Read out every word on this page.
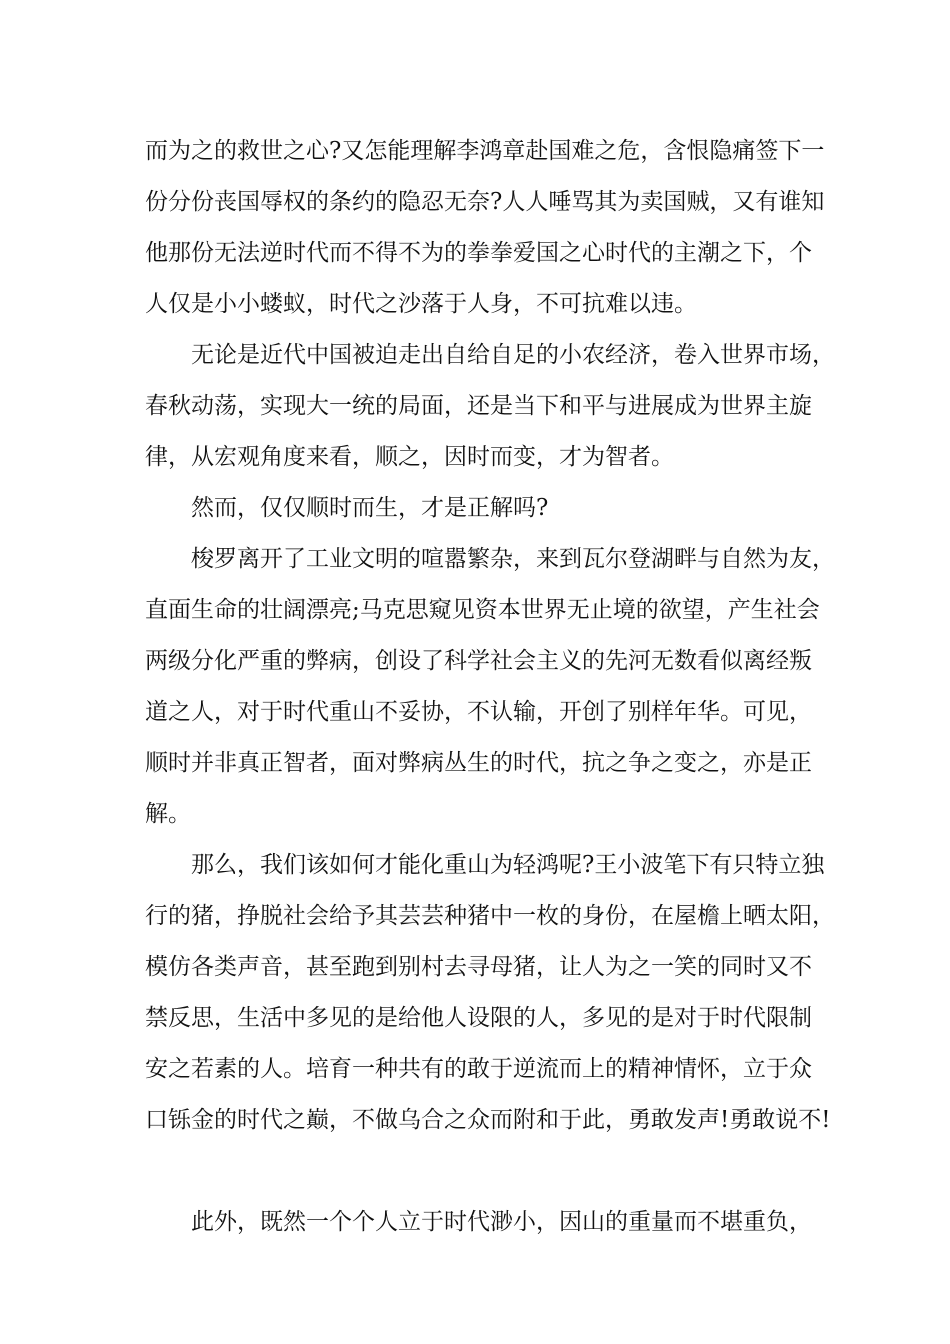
而为之的救世之心?又怎能理解李鸿章赴国难之危，含恨隐痛签下一
份分份丧国辱权的条约的隐忍无奈?人人唾骂其为卖国贼，又有谁知
他那份无法逆时代而不得不为的拳拳爱国之心时代的主潮之下，个
人仅是小小蝼蚁，时代之沙落于人身，不可抗难以违。
无论是近代中国被迫走出自给自足的小农经济，卷入世界市场，
春秋动荡，实现大一统的局面，还是当下和平与进展成为世界主旋
律，从宏观角度来看，顺之，因时而变，才为智者。
然而，仅仅顺时而生，才是正解吗?
梭罗离开了工业文明的喧嚣繁杂，来到瓦尔登湖畔与自然为友，
直面生命的壮阔漂亮;马克思窥见资本世界无止境的欲望，产生社会
两级分化严重的弊病，创设了科学社会主义的先河无数看似离经叛
道之人，对于时代重山不妥协，不认输，开创了别样年华。可见，
顺时并非真正智者，面对弊病丛生的时代，抗之争之变之，亦是正
解。
那么，我们该如何才能化重山为轻鸿呢?王小波笔下有只特立独
行的猪，挣脱社会给予其芸芸种猪中一枚的身份，在屋檐上晒太阳，
模仿各类声音，甚至跑到别村去寻母猪，让人为之一笑的同时又不
禁反思，生活中多见的是给他人设限的人，多见的是对于时代限制
安之若素的人。培育一种共有的敢于逆流而上的精神情怀，立于众
口铄金的时代之巅，不做乌合之众而附和于此，勇敢发声!勇敢说不!
此外，既然一个个人立于时代渺小，因山的重量而不堪重负，
